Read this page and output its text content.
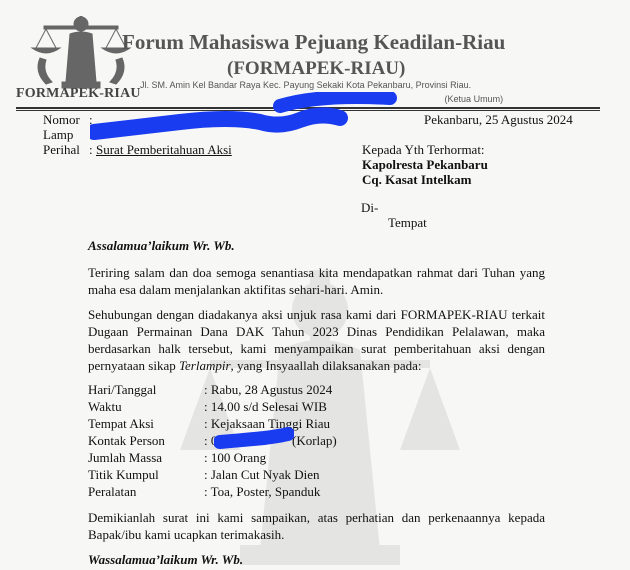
FORMAPEK-RIAU
Forum Mahasiswa Pejuang Keadilan-Riau
(FORMAPEK-RIAU)
Jl. SM. Amin Kel Bandar Raya Kec. Payung Sekaki Kota Pekanbaru, Provinsi Riau.
Telepon: 08	(Ketua Umum)
Nomor :
Lamp :
Perihal : Surat Pemberitahuan Aksi
Pekanbaru, 25 Agustus 2024
Kepada Yth Terhormat:
Kapolresta Pekanbaru
Cq. Kasat Intelkam
Di-
Tempat
Assalamua’laikum Wr. Wb.
Teriring salam dan doa semoga senantiasa kita mendapatkan rahmat dari Tuhan yang maha esa dalam menjalankan aktifitas sehari-hari. Amin.
Sehubungan dengan diadakanya aksi unjuk rasa kami dari FORMAPEK-RIAU terkait Dugaan Permainan Dana DAK Tahun 2023 Dinas Pendidikan Pelalawan, maka berdasarkan halk tersebut, kami menyampaikan surat pemberitahuan aksi dengan pernyataan sikap Terlampir, yang Insyaallah dilaksanakan pada:
Hari/Tanggal	: Rabu, 28 Agustus 2024
Waktu	: 14.00 s/d Selesai WIB
Tempat Aksi	: Kejaksaan Tinggi Riau
Kontak Person	: 08	(Korlap)
Jumlah Massa	: 100 Orang
Titik Kumpul	: Jalan Cut Nyak Dien
Peralatan	: Toa, Poster, Spanduk
Demikianlah surat ini kami sampaikan, atas perhatian dan perkenaannya kepada Bapak/ibu kami ucapkan terimakasih.
Wassalamua’laikum Wr. Wb.
